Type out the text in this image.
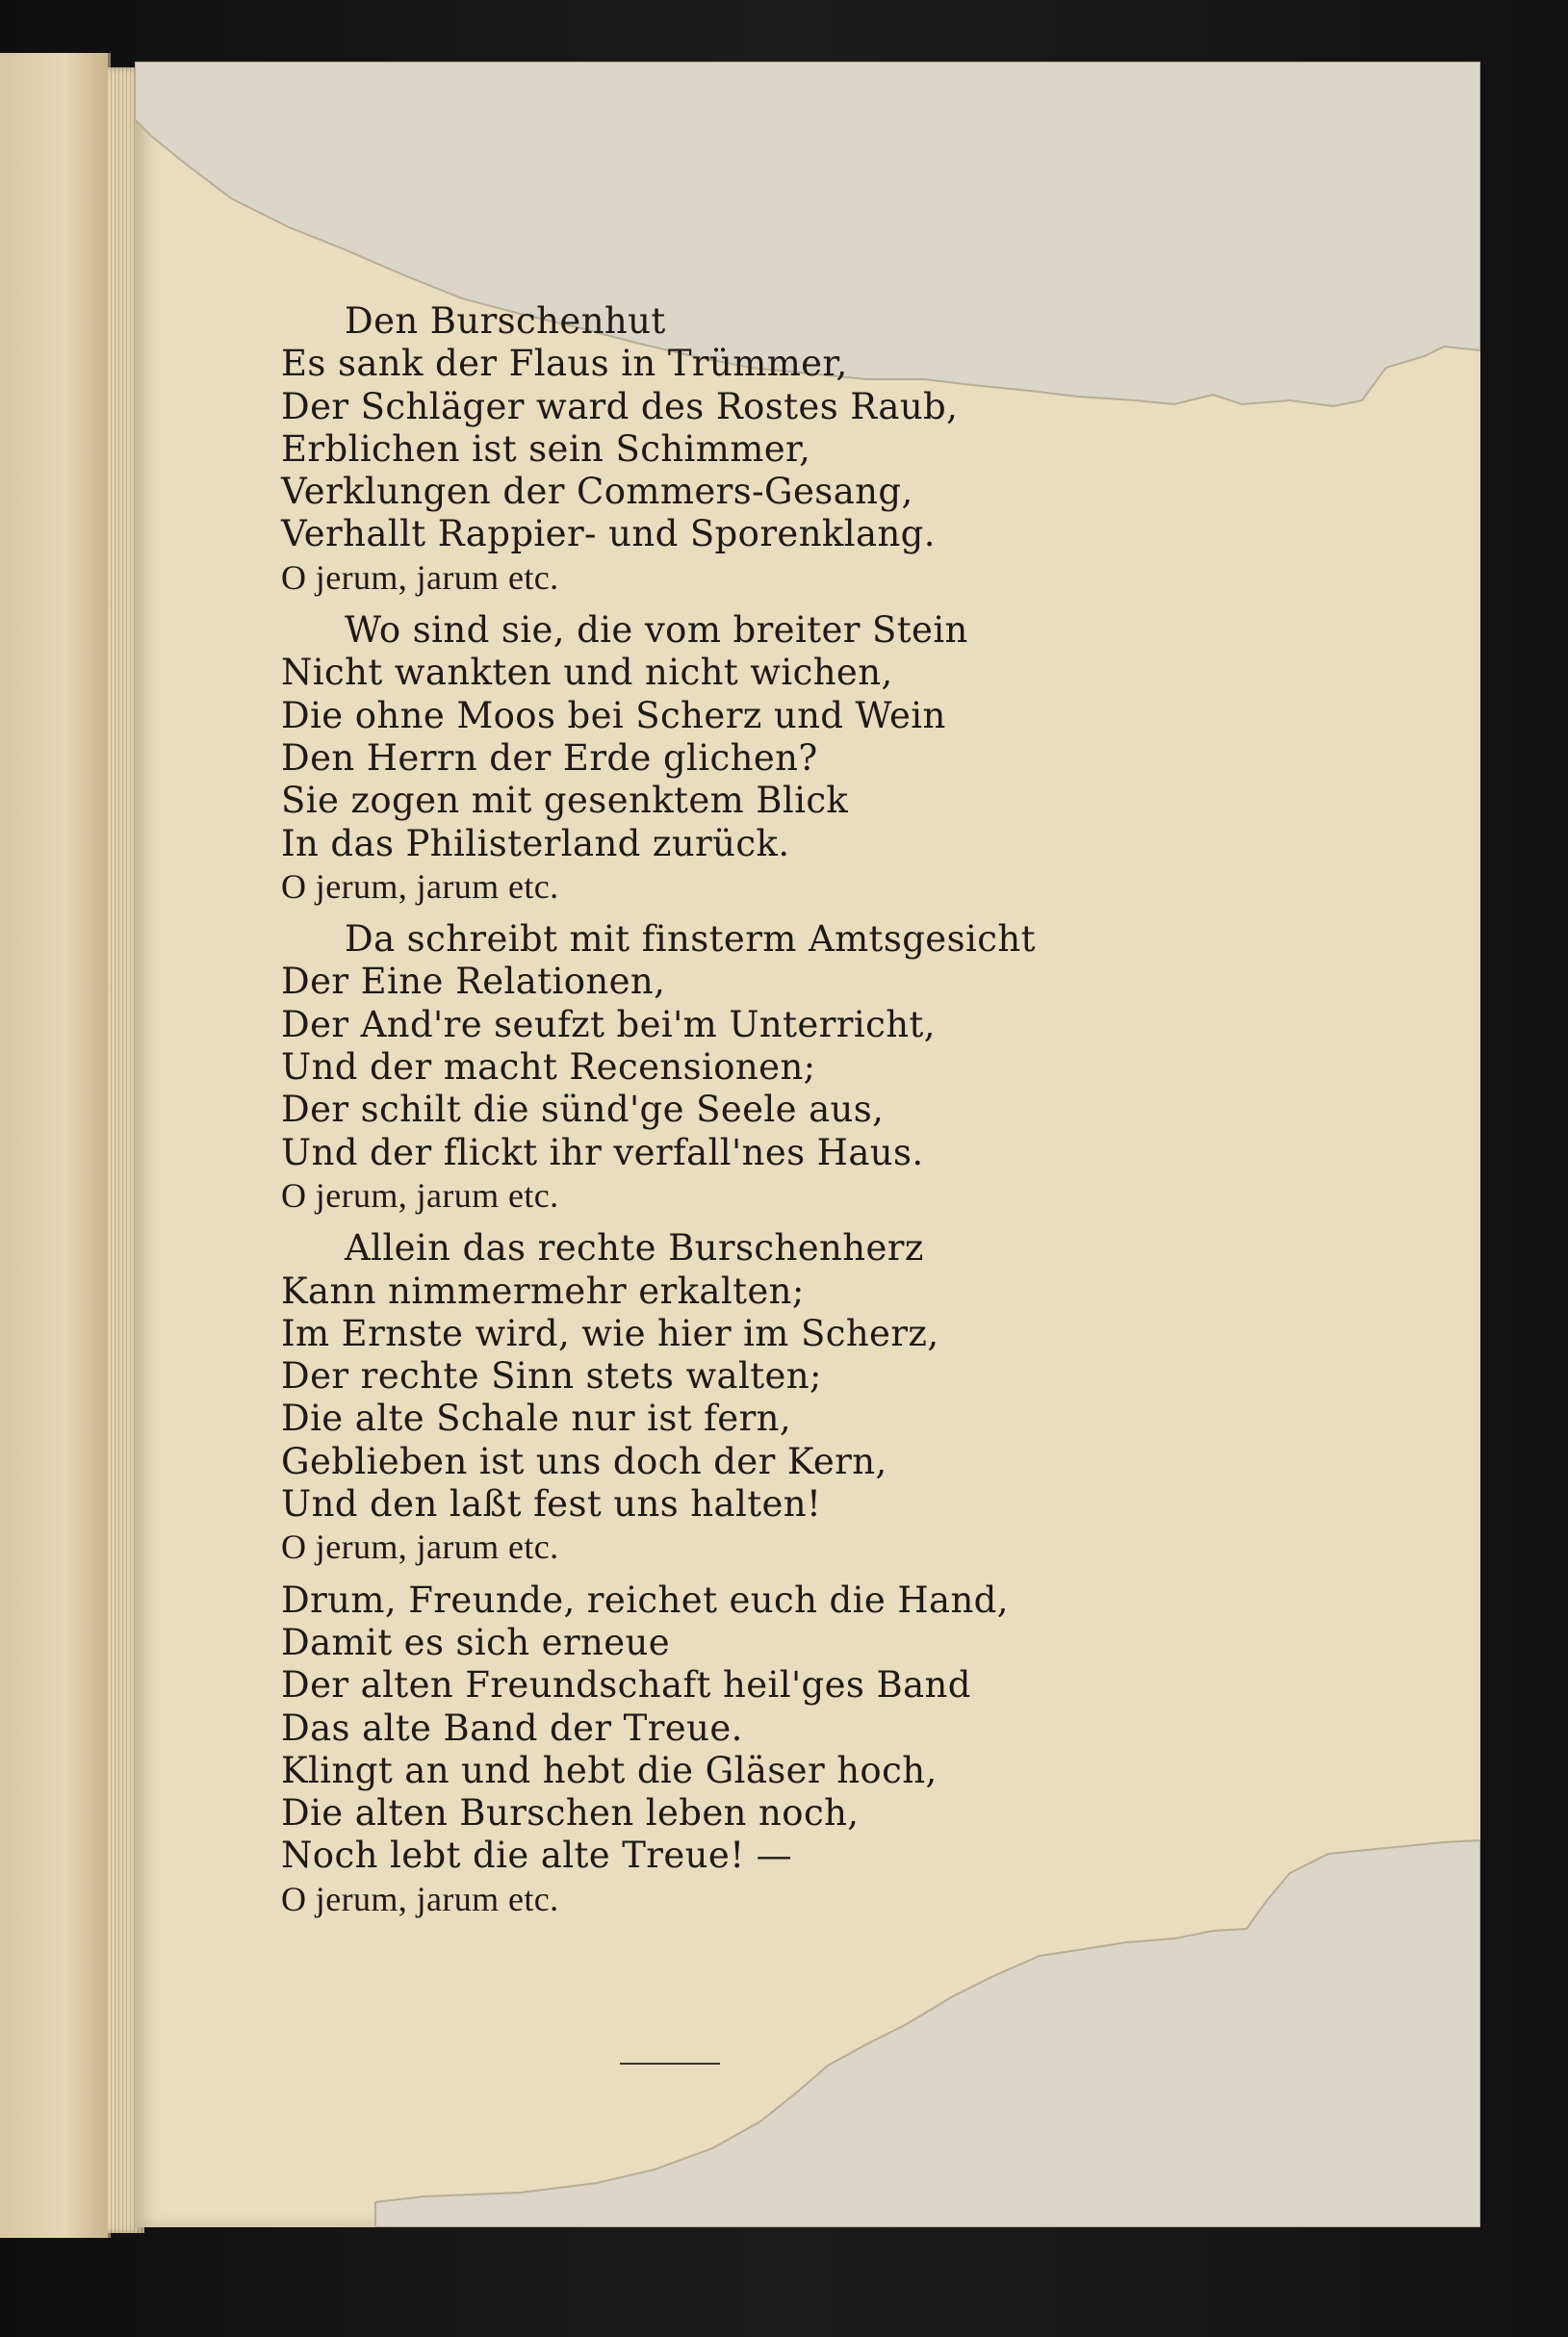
Den Burschenhut
Es sank der Flaus in Trümmer,
Der Schläger ward des Rostes Raub,
Erblichen ist sein Schimmer,
Verklungen der Commers-Gesang,
Verhallt Rappier- und Sporenklang.
O jerum, jarum etc.
Wo sind sie, die vom breiter Stein
Nicht wankten und nicht wichen,
Die ohne Moos bei Scherz und Wein
Den Herrn der Erde glichen?
Sie zogen mit gesenktem Blick
In das Philisterland zurück.
O jerum, jarum etc.
Da schreibt mit finsterm Amtsgesicht
Der Eine Relationen,
Der And're seufzt bei'm Unterricht,
Und der macht Recensionen;
Der schilt die sünd'ge Seele aus,
Und der flickt ihr verfall'nes Haus.
O jerum, jarum etc.
Allein das rechte Burschenherz
Kann nimmermehr erkalten;
Im Ernste wird, wie hier im Scherz,
Der rechte Sinn stets walten;
Die alte Schale nur ist fern,
Geblieben ist uns doch der Kern,
Und den laßt fest uns halten!
O jerum, jarum etc.
Drum, Freunde, reichet euch die Hand,
Damit es sich erneue
Der alten Freundschaft heil'ges Band
Das alte Band der Treue.
Klingt an und hebt die Gläser hoch,
Die alten Burschen leben noch,
Noch lebt die alte Treue! —
O jerum, jarum etc.
